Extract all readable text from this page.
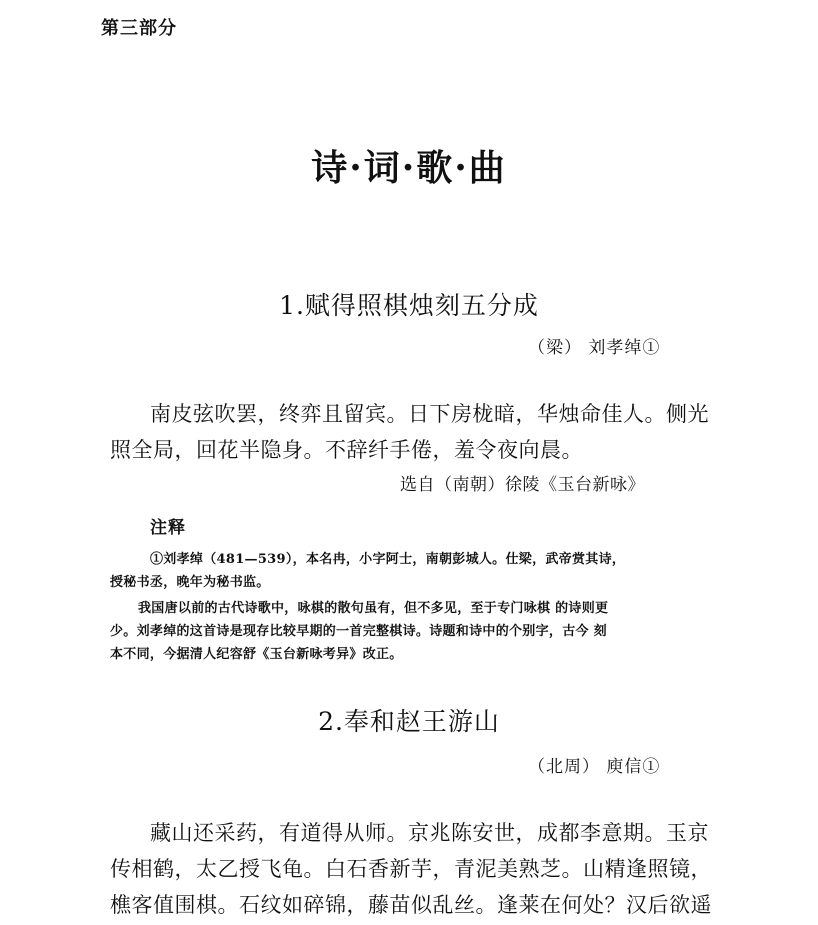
第三部分
诗·词·歌·曲
1.赋得照棋烛刻五分成
（梁） 刘孝绰①
南皮弦吹罢，终弈且留宾。日下房栊暗，华烛命佳人。侧光
照全局，回花半隐身。不辞纤手倦，羞令夜向晨。
选自（南朝）徐陵《玉台新咏》
注释
①刘孝绰（481—539），本名冉，小字阿士，南朝彭城人。仕梁，武帝赏其诗，
授秘书丞，晚年为秘书监。
我国唐以前的古代诗歌中，咏棋的散句虽有，但不多见，至于专门咏棋 的诗则更
少。刘孝绰的这首诗是现存比较早期的一首完整棋诗。诗题和诗中的个别字，古今 刻
本不同，今据清人纪容舒《玉台新咏考异》改正。
2.奉和赵王游山
（北周） 庾信①
藏山还采药，有道得从师。京兆陈安世，成都李意期。玉京
传相鹤，太乙授飞龟。白石香新芋，青泥美熟芝。山精逢照镜，
樵客值围棋。石纹如碎锦，藤苗似乱丝。逢莱在何处？汉后欲遥
